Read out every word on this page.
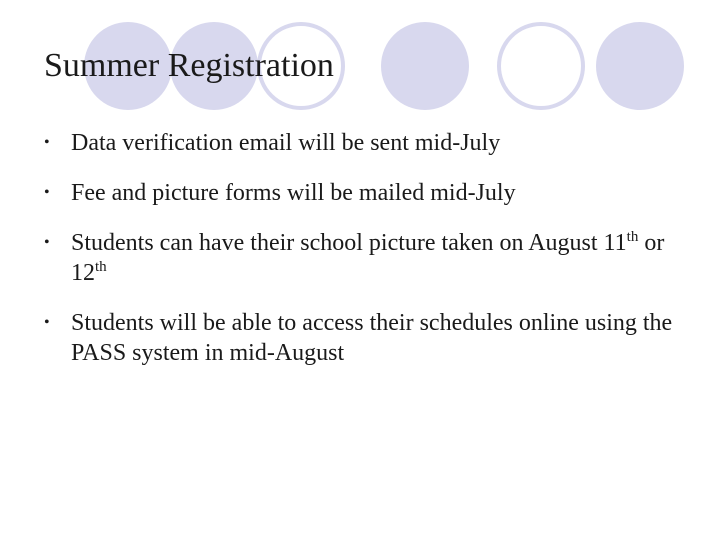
Summer Registration
• Data verification email will be sent mid-July
• Fee and picture forms will be mailed mid-July
• Students can have their school picture taken on August 11th or 12th
• Students will be able to access their schedules online using the PASS system in mid-August
